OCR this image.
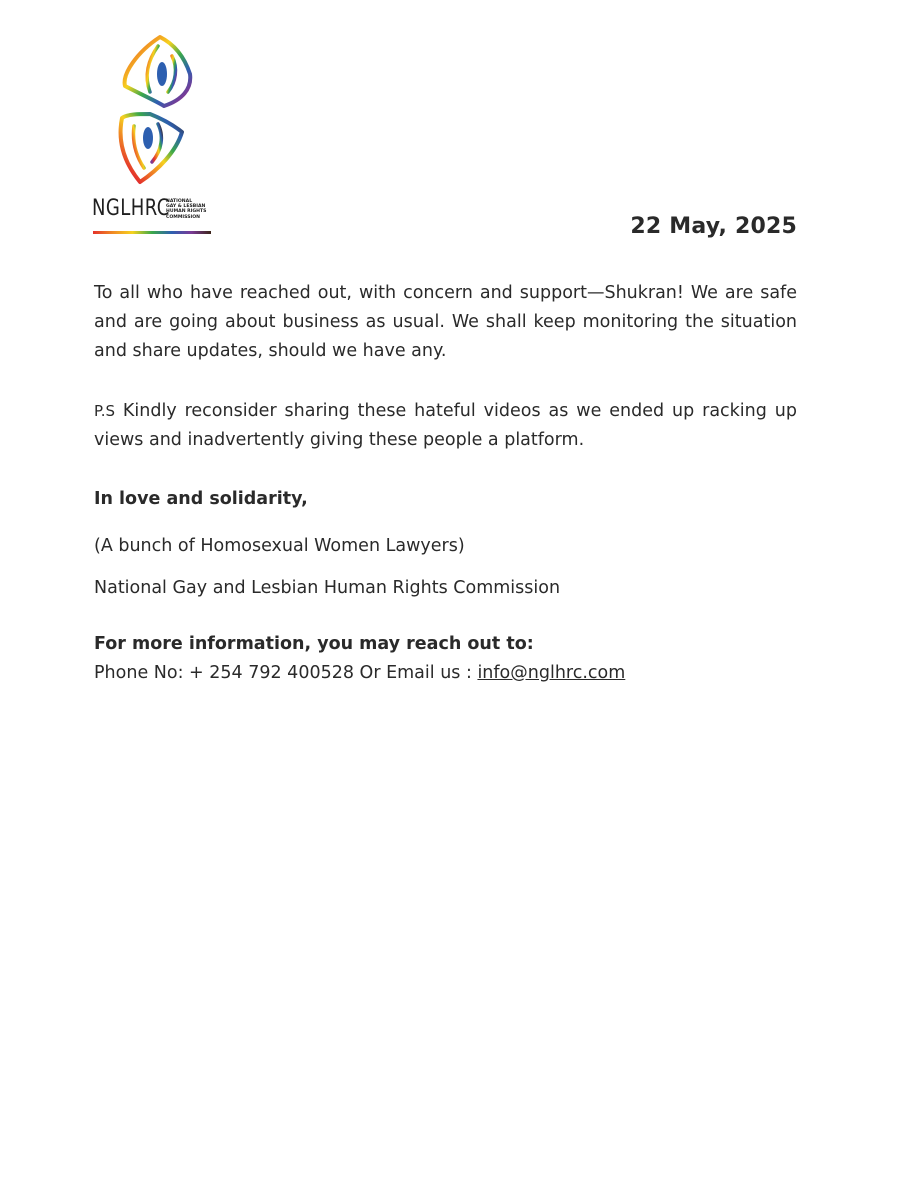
NGLHRC
NATIONAL
GAY & LESBIAN
HUMAN RIGHTS
COMMISSION	22 May, 2025
To all who have reached out, with concern and support—Shukran! We are safe and are going about business as usual. We shall keep monitoring the situation and share updates, should we have any.
P.S Kindly reconsider sharing these hateful videos as we ended up racking up views and inadvertently giving these people a platform.
In love and solidarity,
(A bunch of Homosexual Women Lawyers)
National Gay and Lesbian Human Rights Commission
For more information, you may reach out to:
Phone No: + 254 792 400528 Or Email us : info@nglhrc.com
